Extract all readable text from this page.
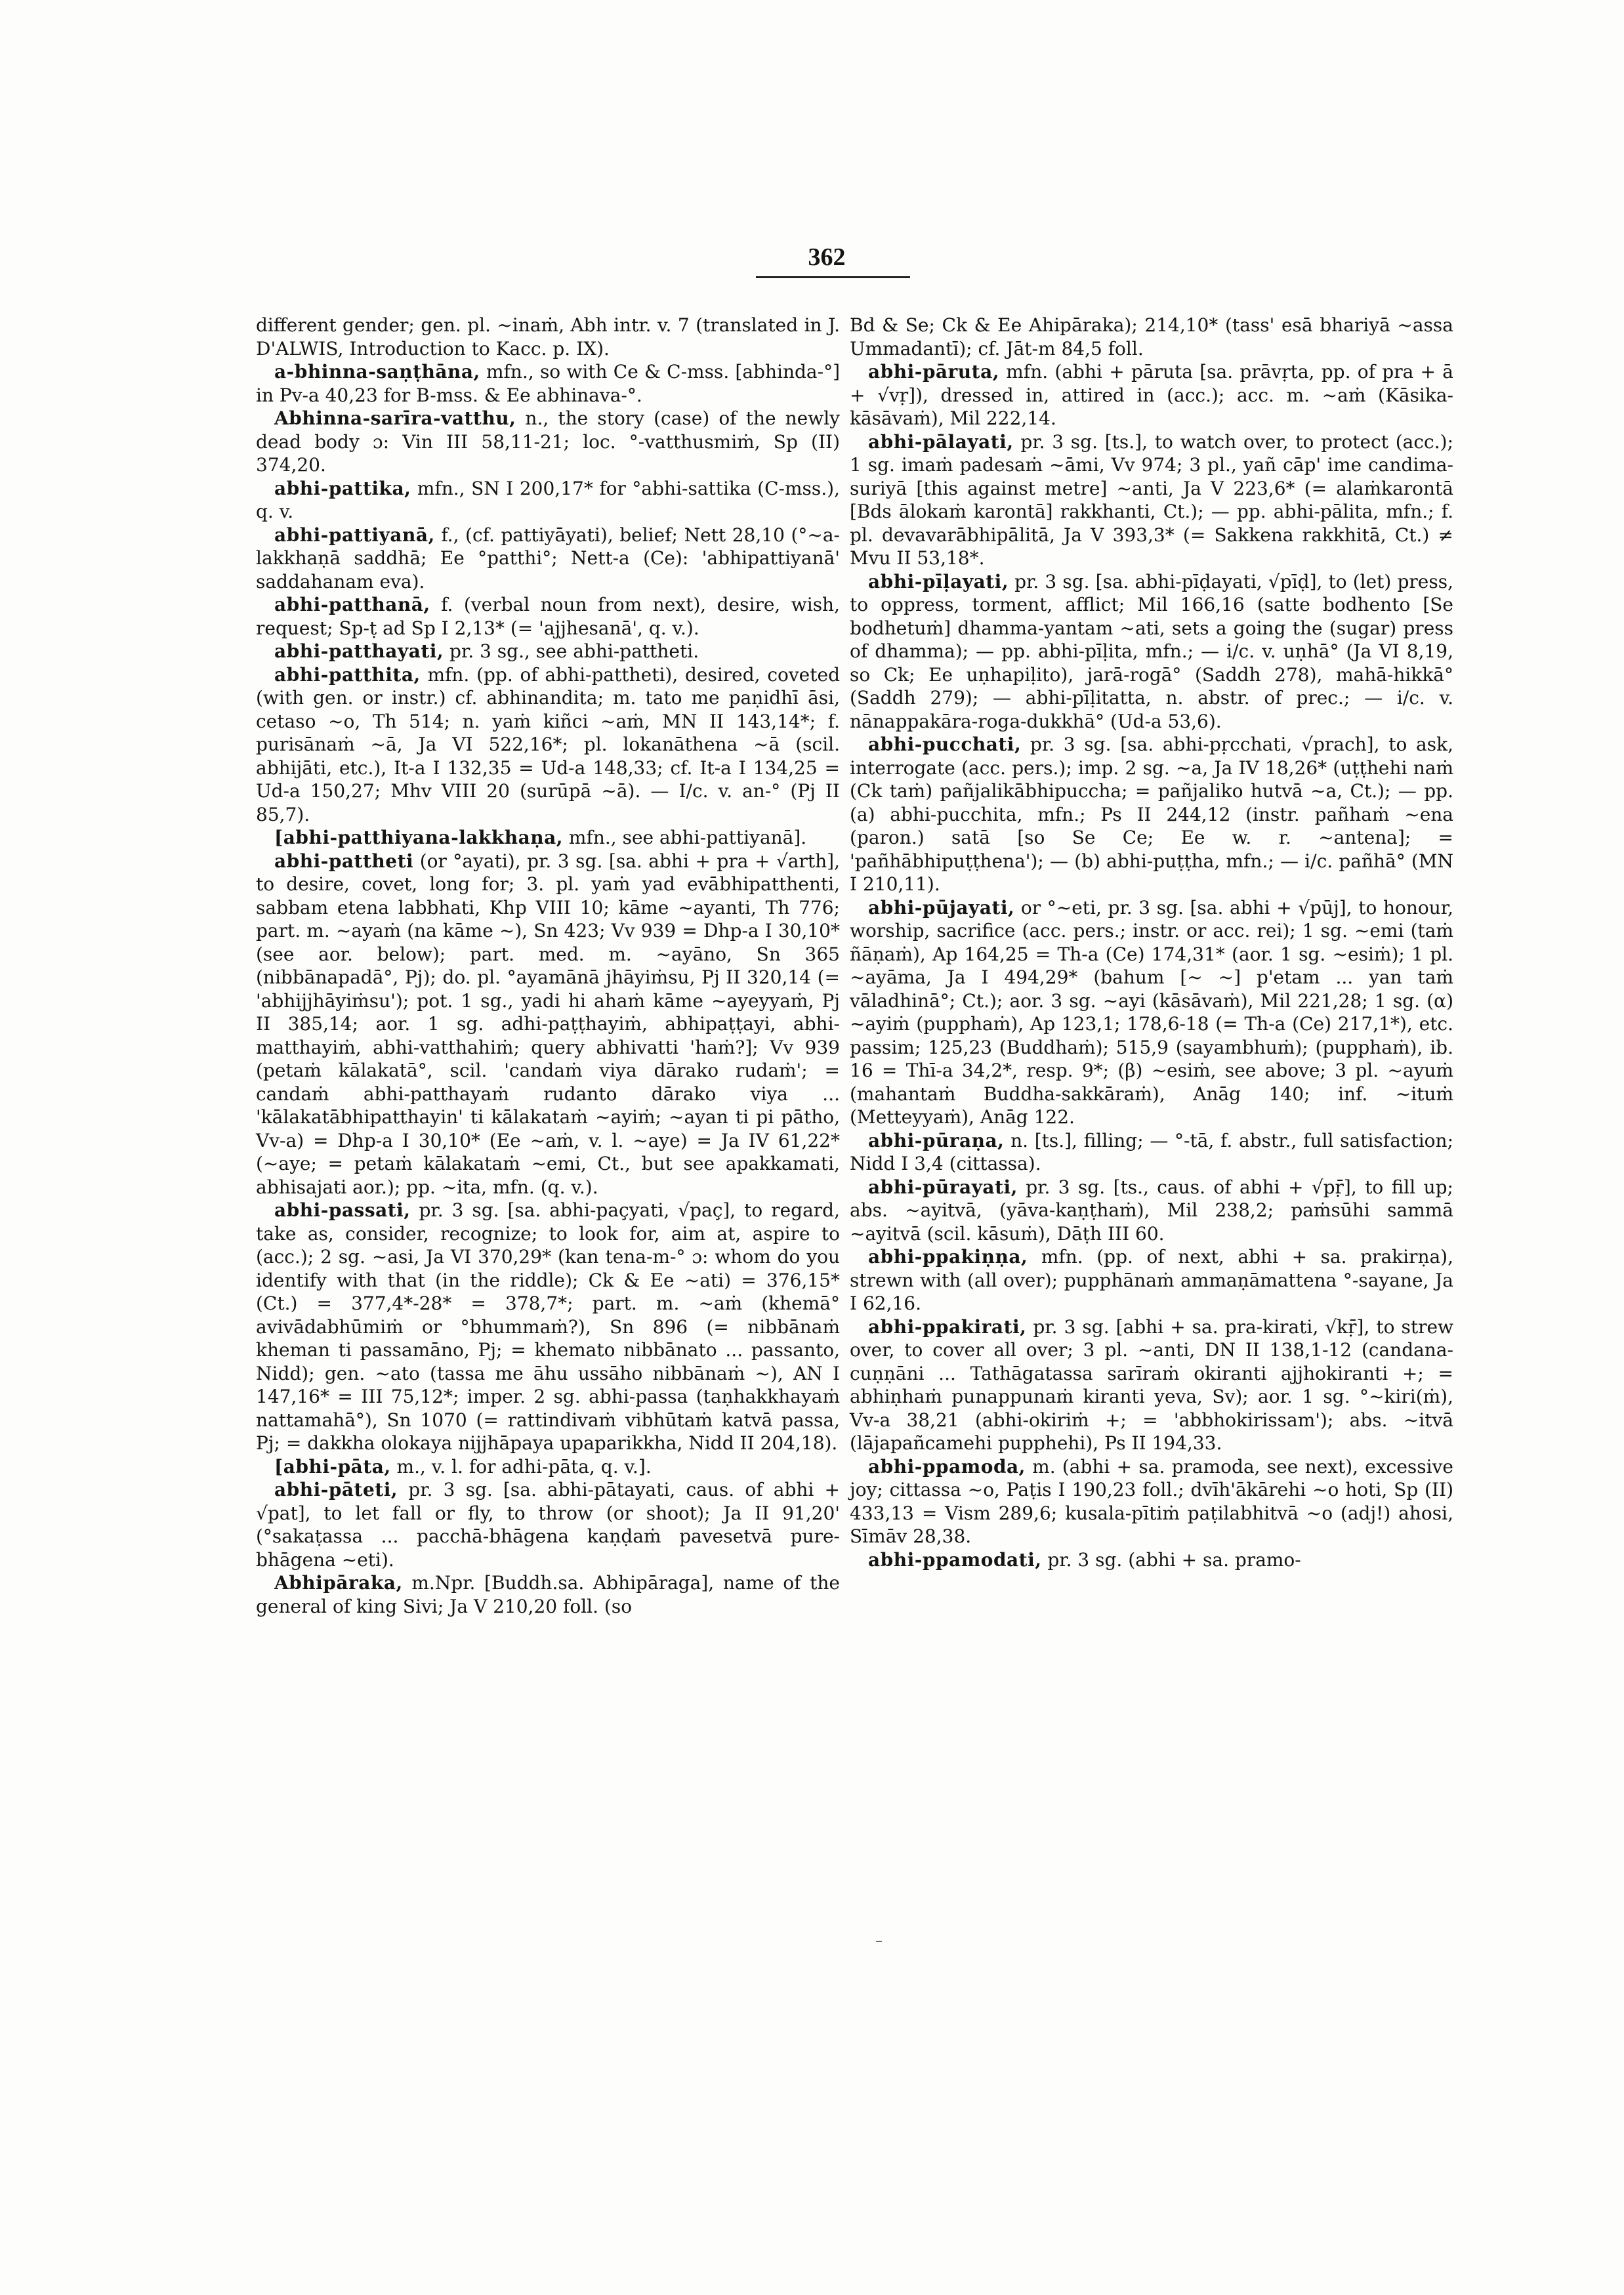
362

different gender; gen. pl. ~inaṁ, Abh intr. v. 7 (translated in J. D'ALWIS, Introduction to Kacc. p. IX).

a-bhinna-saṇṭhāna, mfn., so with Ce & C-mss. [abhinda-°] in Pv-a 40,23 for B-mss. & Ee abhinava-°.

Abhinna-sarīra-vatthu, n., the story (case) of the newly dead body ɔ: Vin III 58,11-21; loc. °-vatthusmiṁ, Sp (II) 374,20.

abhi-pattika, mfn., SN I 200,17* for °abhi-sattika (C-mss.), q. v.

abhi-pattiyanā, f., (cf. pattiyāyati), belief; Nett 28,10 (°~a-lakkhaṇā saddhā; Ee °patthi°; Nett-a (Ce): 'abhipattiyanā' saddahanam eva).

abhi-patthanā, f. (verbal noun from next), desire, wish, request; Sp-ṭ ad Sp I 2,13* (= 'ajjhesanā', q. v.).

abhi-patthayati, pr. 3 sg., see abhi-pattheti.

abhi-patthita, mfn. (pp. of abhi-pattheti), desired, coveted (with gen. or instr.) cf. abhinandita; m. tato me paṇidhī āsi, cetaso ~o, Th 514; n. yaṁ kiñci ~aṁ, MN II 143,14*; f. purisānaṁ ~ā, Ja VI 522,16*; pl. lokanāthena ~ā (scil. abhijāti, etc.), It-a I 132,35 = Ud-a 148,33; cf. It-a I 134,25 = Ud-a 150,27; Mhv VIII 20 (surūpā ~ā). — I/c. v. an-° (Pj II 85,7).

[abhi-patthiyana-lakkhaṇa, mfn., see abhi-pattiyanā].

abhi-pattheti (or °ayati), pr. 3 sg. [sa. abhi + pra + √arth], to desire, covet, long for; 3. pl. yaṁ yad evābhipatthenti, sabbam etena labbhati, Khp VIII 10; kāme ~ayanti, Th 776; part. m. ~ayaṁ (na kāme ~), Sn 423; Vv 939 = Dhp-a I 30,10* (see aor. below); part. med. m. ~ayāno, Sn 365 (nibbānapadā°, Pj); do. pl. °ayamānā jhāyiṁsu, Pj II 320,14 (= 'abhijjhāyiṁsu'); pot. 1 sg., yadi hi ahaṁ kāme ~ayeyyaṁ, Pj II 385,14; aor. 1 sg. adhi-paṭṭhayiṁ, abhipaṭṭayi, abhi-matthayiṁ, abhi-vatthahiṁ; query abhivatti 'haṁ?]; Vv 939 (petaṁ kālakatā°, scil. 'candaṁ viya dārako rudaṁ'; = candaṁ abhi-patthayaṁ rudanto dārako viya ... 'kālakatābhipatthayin' ti kālakataṁ ~ayiṁ; ~ayan ti pi pātho, Vv-a) = Dhp-a I 30,10* (Ee ~aṁ, v. l. ~aye) = Ja IV 61,22* (~aye; = petaṁ kālakataṁ ~emi, Ct., but see apakkamati, abhisajati aor.); pp. ~ita, mfn. (q. v.).

abhi-passati, pr. 3 sg. [sa. abhi-paçyati, √paç], to regard, take as, consider, recognize; to look for, aim at, aspire to (acc.); 2 sg. ~asi, Ja VI 370,29* (kan tena-m-° ɔ: whom do you identify with that (in the riddle); Ck & Ee ~ati) = 376,15* (Ct.) = 377,4*-28* = 378,7*; part. m. ~aṁ (khemā° avivādabhūmiṁ or °bhummaṁ?), Sn 896 (= nibbānaṁ kheman ti passamāno, Pj; = khemato nibbānato ... passanto, Nidd); gen. ~ato (tassa me āhu ussāho nibbānaṁ ~), AN I 147,16* = III 75,12*; imper. 2 sg. abhi-passa (taṇhakkhayaṁ nattamahā°), Sn 1070 (= rattindivaṁ vibhūtaṁ katvā passa, Pj; = dakkha olokaya nijjhāpaya upaparikkha, Nidd II 204,18).

[abhi-pāta, m., v. l. for adhi-pāta, q. v.].

abhi-pāteti, pr. 3 sg. [sa. abhi-pātayati, caus. of abhi + √pat], to let fall or fly, to throw (or shoot); Ja II 91,20' (°sakaṭassa ... pacchā-bhāgena kaṇḍaṁ pavesetvā pure-bhāgena ~eti).

Abhipāraka, m.Npr. [Buddh.sa. Abhipāraga], name of the general of king Sivi; Ja V 210,20 foll. (so

Bd & Se; Ck & Ee Ahipāraka); 214,10* (tass' esā bhariyā ~assa Ummadantī); cf. Jāt-m 84,5 foll.

abhi-pāruta, mfn. (abhi + pāruta [sa. prāvṛta, pp. of pra + ā + √vṛ]), dressed in, attired in (acc.); acc. m. ~aṁ (Kāsika-kāsāvaṁ), Mil 222,14.

abhi-pālayati, pr. 3 sg. [ts.], to watch over, to protect (acc.); 1 sg. imaṁ padesaṁ ~āmi, Vv 974; 3 pl., yañ cāp' ime candima-suriyā [this against metre] ~anti, Ja V 223,6* (= alaṁkarontā [Bds ālokaṁ karontā] rakkhanti, Ct.); — pp. abhi-pālita, mfn.; f. pl. devavarābhipālitā, Ja V 393,3* (= Sakkena rakkhitā, Ct.) ≠ Mvu II 53,18*.

abhi-pīḷayati, pr. 3 sg. [sa. abhi-pīḍayati, √pīḍ], to (let) press, to oppress, torment, afflict; Mil 166,16 (satte bodhento [Se bodhetuṁ] dhamma-yantam ~ati, sets a going the (sugar) press of dhamma); — pp. abhi-pīḷita, mfn.; — i/c. v. uṇhā° (Ja VI 8,19, so Ck; Ee uṇhapiḷito), jarā-rogā° (Saddh 278), mahā-hikkā° (Saddh 279); — abhi-pīḷitatta, n. abstr. of prec.; — i/c. v. nānappakāra-roga-dukkhā° (Ud-a 53,6).

abhi-pucchati, pr. 3 sg. [sa. abhi-pṛcchati, √prach], to ask, interrogate (acc. pers.); imp. 2 sg. ~a, Ja IV 18,26* (uṭṭhehi naṁ (Ck taṁ) pañjalikābhipuccha; = pañjaliko hutvā ~a, Ct.); — pp. (a) abhi-pucchita, mfn.; Ps II 244,12 (instr. pañhaṁ ~ena (paron.) satā [so Se Ce; Ee w. r. ~antena]; = 'pañhābhipuṭṭhena'); — (b) abhi-puṭṭha, mfn.; — i/c. pañhā° (MN I 210,11).

abhi-pūjayati, or °~eti, pr. 3 sg. [sa. abhi + √pūj], to honour, worship, sacrifice (acc. pers.; instr. or acc. rei); 1 sg. ~emi (taṁ ñāṇaṁ), Ap 164,25 = Th-a (Ce) 174,31* (aor. 1 sg. ~esiṁ); 1 pl. ~ayāma, Ja I 494,29* (bahum [~ ~] p'etam ... yan taṁ vāladhinā°; Ct.); aor. 3 sg. ~ayi (kāsāvaṁ), Mil 221,28; 1 sg. (α) ~ayiṁ (pupphaṁ), Ap 123,1; 178,6-18 (= Th-a (Ce) 217,1*), etc. passim; 125,23 (Buddhaṁ); 515,9 (sayambhuṁ); (pupphaṁ), ib. 16 = Thī-a 34,2*, resp. 9*; (β) ~esiṁ, see above; 3 pl. ~ayuṁ (mahantaṁ Buddha-sakkāraṁ), Anāg 140; inf. ~ituṁ (Metteyyaṁ), Anāg 122.

abhi-pūraṇa, n. [ts.], filling; — °-tā, f. abstr., full satisfaction; Nidd I 3,4 (cittassa).

abhi-pūrayati, pr. 3 sg. [ts., caus. of abhi + √pṝ], to fill up; abs. ~ayitvā, (yāva-kaṇṭhaṁ), Mil 238,2; paṁsūhi sammā ~ayitvā (scil. kāsuṁ), Dāṭh III 60.

abhi-ppakiṇṇa, mfn. (pp. of next, abhi + sa. prakirṇa), strewn with (all over); pupphānaṁ ammaṇāmattena °-sayane, Ja I 62,16.

abhi-ppakirati, pr. 3 sg. [abhi + sa. pra-kirati, √kṝ], to strew over, to cover all over; 3 pl. ~anti, DN II 138,1-12 (candana-cuṇṇāni ... Tathāgatassa sarīraṁ okiranti ajjhokiranti +; = abhiṇhaṁ punappunaṁ kiranti yeva, Sv); aor. 1 sg. °~kiri(ṁ), Vv-a 38,21 (abhi-okiriṁ +; = 'abbhokirissam'); abs. ~itvā (lājapañcamehi pupphehi), Ps II 194,33.

abhi-ppamoda, m. (abhi + sa. pramoda, see next), excessive joy; cittassa ~o, Paṭis I 190,23 foll.; dvīh'ākārehi ~o hoti, Sp (II) 433,13 = Vism 289,6; kusala-pītiṁ paṭilabhitvā ~o (adj!) ahosi, Sīmāv 28,38.

abhi-ppamodati, pr. 3 sg. (abhi + sa. pramo-

–
